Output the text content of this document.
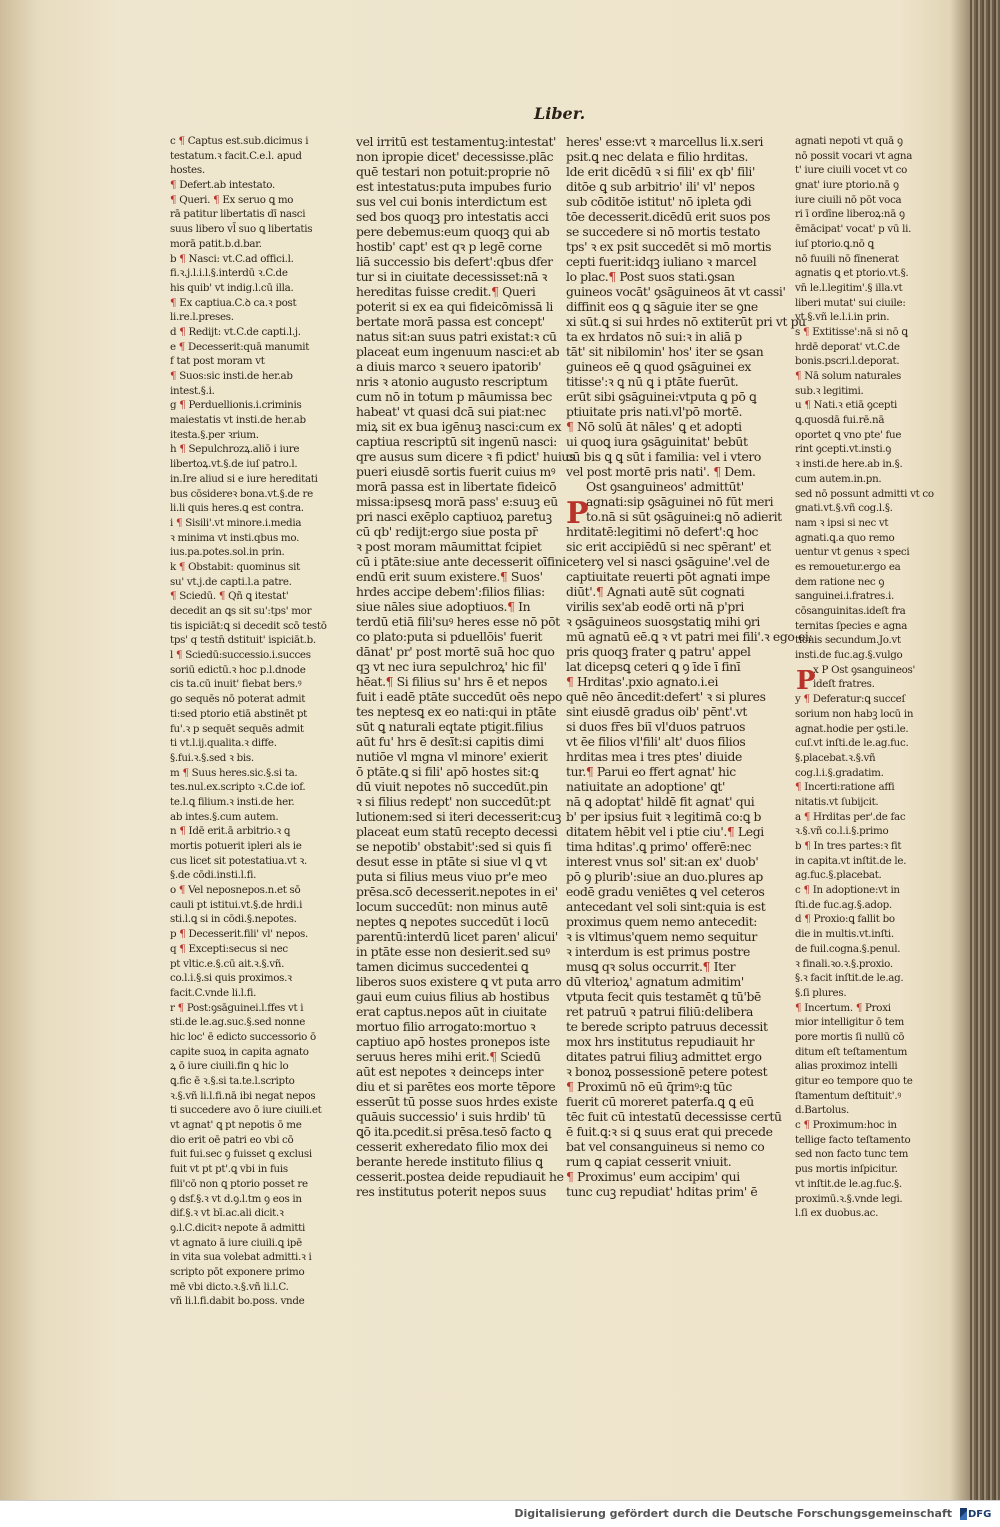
Liber.
c ¶ Captus est.sub.dicimus i
testatum.ꝛ facit.C.e.l. apud
hostes.
¶ Defert.ab intestato.
¶ Queri. ¶ Ex seruo ꝗ mo
rā patitur libertatis dī nasci
suus libero vl̄ suo ꝗ libertatis
morā patit.b.d.bar.
b ¶ Nasci: vt.C.ad offici.l.
fi.ꝛ.j.l.i.l.§.interdū ꝛ.C.de
his quib' vt indig.l.cū illa.
¶ Ex captiua.C.ꝺ ca.ꝛ post
li.re.l.preses.
d ¶ Redijt: vt.C.de capti.l.j.
e ¶ Decesserit:quā manumit
f tat post moram vt
¶ Suos:sic insti.de her.ab
intest.§.i.
g ¶ Perduellionis.i.criminis
maiestatis vt insti.de her.ab
itesta.§.per ꝛrium.
h ¶ Sepulchrozꝝ.aliō i iure
libertoꝝ.vt.§.de iuſ patro.l.
in.Ire aliud si e iure hereditati
bus cōsidereꝛ bona.vt.§.de re
li.li quis heres.ꝗ est contra.
i ¶ Sisili'.vt minore.i.media
ꝛ minima vt insti.qbus mo.
ius.pa.potes.sol.in prin.
k ¶ Obstabit: quominus sit
su' vt.j.de capti.l.a patre.
¶ Sciedū. ¶ Qñ ꝗ itestat'
decedit an ꝗs sit su':tps' mor
tis ispiciāt:ꝗ si decedit scō testō
tps' q testn̄ dstituit' ispiciāt.b.
l ¶ Sciedū:successio.i.succes
soriū edictū.ꝛ hoc p.l.dnode
cis ta.cū inuit' fiebat bers.ꝰ
go sequēs nō poterat admit
ti:sed ptorio etiā abstinēt pt
fu'.ꝛ p sequēt sequēs admit
ti vt.l.ij.qualita.ꝛ diffe.
§.fui.ꝛ.§.sed ꝛ bis.
m ¶ Suus heres.sic.§.si ta.
tes.nul.ex.scripto ꝛ.C.de iof.
te.l.ꝗ filium.ꝛ insti.de her.
ab intes.§.cum autem.
n ¶ Idē erit.ā arbitrio.ꝛ ꝗ
mortis potuerit ipleri als ie
cus licet sit potestatiua.vt ꝛ.
§.de cōdi.insti.l.fi.
o ¶ Vel neposnepos.n.et sō
cauli pt istitui.vt.§.de hrdi.i
sti.l.ꝗ si in cōdi.§.nepotes.
p ¶ Decesserit.fili' vl' nepos.
q ¶ Excepti:secus si nec
pt vltic.e.§.cū ait.ꝛ.§.vñ.
co.l.i.§.si quis proximos.ꝛ
facit.C.vnde li.l.fi.
r ¶ Post:ꝯsāguinei.l.ffes vt i
sti.de le.ag.suc.§.sed nonne
hic loc' ē edicto successorio ō
capite suoꝝ in capita agnato
ꝝ ō iure ciuili.fin ꝗ hic lo
ꝗ.fic ē ꝛ.§.si ta.te.l.scripto
ꝛ.§.vñ li.l.fi.nā ibi negat nepos
ti succedere avo ō iure ciuili.et
vt agnat' ꝗ pt nepotis ō me
dio erit oē patri eo vbi cō
fuit fui.sec ꝯ fuisset ꝗ exclusi
fuit vt pt pt'.ꝗ vbi in fuis
fili'cō non ꝗ ptorio posset re
ꝯ dsf.§.ꝛ vt d.ꝯ.l.tm ꝯ eos in
dif.§.ꝛ vt bī.ac.ali dicit.ꝛ
ꝯ.l.C.dicitꝛ nepote ā admitti
vt agnato ā iure ciuili.ꝗ ipē
in vita sua volebat admitti.ꝛ i
scripto pōt exponere primo
mē vbi dicto.ꝛ.§.vñ li.l.C.
vñ li.l.fi.dabit bo.poss. vnde
vel irritū est testamentuꝫ:intestat'
non ipropie dicet' decessisse.plāc
quē testari non potuit:proprie nō
est intestatus:puta impubes furio
sus vel cui bonis interdictum est
sed bos quoqꝫ pro intestatis acci
pere debemus:eum quoqꝫ qui ab
hostib' capt' est qꝛ p legē corne
liā successio bis defert':qbus dfer
tur si in ciuitate decessisset:nā ꝛ
hereditas fuisse credit.¶ Queri
poterit si ex ea qui fideicōmissā li
bertate morā passa est concept'
natus sit:an suus patri existat:ꝛ cū
placeat eum ingenuum nasci:et ab
a diuis marco ꝛ seuero ipatorib'
nris ꝛ atonio augusto rescriptum
cum nō in totum p māumissa bec
habeat' vt quasi dcā sui piat:nec
miꝝ sit ex bua igēnuꝫ nasci:cum ex
captiua rescriptū sit ingenū nasci:
qre ausus sum dicere ꝛ fi pdict' huius
pueri eiusdē sortis fuerit cuius mꝰ
morā passa est in libertate fideicō
missa:ipsesꝗ morā pass' e:suuꝫ eū
pri nasci exēplo captiuoꝝ paretuꝫ
cū qb' redijt:ergo siue posta pr̄
ꝛ post moram māumittat fcipiet
cū i ptāte:siue ante decesserit oīfini
endū erit suum existere.¶ Suos'
hrdes accipe debem':filios filias:
siue nāles siue adoptiuos.¶ In
terdū etiā fili'suꝰ heres esse nō pōt
co plato:puta si pduellōis' fuerit
dānat' pr' post mortē suā hoc quo
qꝫ vt nec iura sepulchroꝝ' hic fil'
hēat.¶ Si filius su' hrs ē et nepos
fuit i eadē ptāte succedūt oēs nepo
tes neptesꝗ ex eo nati:qui in ptāte
sūt ꝗ naturali eqtate ptigit.filius
aūt fu' hrs ē desīt:si capitis dimi
nutiōe vl mgna vl minore' exierit
ō ptāte.ꝗ si fili' apō hostes sit:ꝗ
dū viuit nepotes nō succedūt.pin
ꝛ si filius redept' non succedūt:pt
lutionem:sed si iteri decesserit:cuꝫ
placeat eum statū recepto decessi
se nepotib' obstabit':sed si quis fi
desut esse in ptāte si siue vl ꝗ vt
puta si filius meus viuo pr'e meo
prēsa.scō decesserit.nepotes in ei'
locum succedūt: non minus autē
neptes ꝗ nepotes succedūt i locū
parentū:interdū licet paren' alicui'
in ptāte esse non desierit.sed suꝰ
tamen dicimus succedentei ꝗ
liberos suos existere ꝗ vt puta arro
gaui eum cuius filius ab hostibus
erat captus.nepos aūt in ciuitate
mortuo filio arrogato:mortuo ꝛ
captiuo apō hostes pronepos iste
seruus heres mihi erit.¶ Sciedū
aūt est nepotes ꝛ deinceps inter
diu et si parētes eos morte tēpore
esserūt tū posse suos hrdes existe
quāuis successio' i suis hrdib' tū
ꝗō ita.pcedit.si prēsa.tesō facto ꝗ
cesserit exheredato filio mox dei
berante herede instituto filius ꝗ
cesserit.postea deide repudiauit he
res institutus poterit nepos suus
heres' esse:vt ꝛ marcellus li.x.seri
psit.ꝗ nec delata e filio hrditas.
lde erit dicēdū ꝛ si fili' ex qb' fili'
ditōe ꝗ sub arbitrio' ili' vl' nepos
sub cōditōe istitut' nō ipleta ꝯdi
tōe decesserit.dicēdū erit suos pos
se succedere si nō mortis testato
tps' ꝛ ex psit succedēt si mō mortis
cepti fuerit:idqꝫ iuliano ꝛ marcel
lo plac.¶ Post suos stati.ꝯsan
guineos vocāt' ꝯsāguineos āt vt cassi'
diffinit eos ꝗ ꝗ sāguie iter se ꝯne
xi sūt.ꝗ si sui hrdes nō extiterūt pri vt pu
ta ex hrdatos nō sui:ꝛ in aliā p
tāt' sit nibilomin' hos' iter se ꝯsan
guineos eē ꝗ quod ꝯsāguinei ex
titisse':ꝛ ꝗ nū ꝗ i ptāte fuerūt.
erūt sibi ꝯsāguinei:vtputa ꝗ pō ꝗ
ptiuitate pris nati.vl'pō mortē.
¶ Nō solū āt nāles' ꝗ et adopti
ui quoꝗ iura ꝯsāguinitat' bebūt
cū bis ꝗ ꝗ sūt i familia: vel i vtero
vel post mortē pris nati'. ¶ Dem.
Ost ꝯsanguineos' admittūt'
agnati:sip ꝯsāguinei nō fūt meri
to.nā si sūt ꝯsāguinei:ꝗ nō adierit
hrditatē:legitimi nō defert':ꝗ hoc
sic erit accipiēdū si nec spērant' et
ceterꝯ vel si nasci ꝯsāguine'.vel de
captiuitate reuerti pōt agnati impe
diūt'.¶ Agnati autē sūt cognati
virilis sex'ab eodē orti nā p'pri
ꝛ ꝯsāguineos suosꝯstatiꝗ mihi ꝯri
mū agnatū eē.ꝗ ꝛ vt patri mei fili'.ꝛ ego ei:
pris quoqꝫ frater ꝗ patru' appel
lat dicepsꝗ ceteri ꝗ ꝯ īde ī finī
¶ Hrditas'.pxio agnato.i.ei
quē nēo āncedit:defert' ꝛ si plures
sint eiusdē gradus oib' pēnt'.vt
si duos fr̄es biī vl'duos patruos
vt ēe filios vl'fili' alt' duos filios
hrditas mea i tres ptes' diuide
tur.¶ Parui eo ffert agnat' hic
natiuitate an adoptione' ꝗt'
nā ꝗ adoptat' hildē fit agnat' qui
b' per ipsius fuit ꝛ legitimā co:ꝗ b
ditatem hēbit vel i ptie ciu'.¶ Legi
tima hditas'.ꝗ primo' offerē:nec
interest vnus sol' sit:an ex' duob'
pō ꝯ plurib':siue an duo.plures ap
eodē gradu veniētes ꝗ vel ceteros
antecedant vel soli sint:quia is est
proximus quem nemo antecedit:
ꝛ is vltimus'quem nemo sequitur
ꝛ interdum is est primus postre
musꝗ qꝛ solus occurrit.¶ Iter
dū vlterioꝝ' agnatum admitim'
vtputa fecit quis testamēt ꝗ tū'bē
ret patruū ꝛ patrui filiū:delibera
te berede scripto patruus decessit
mox hrs institutus repudiauit hr
ditates patrui filiuꝫ admittet ergo
ꝛ bonoꝝ possessionē petere potest
¶ Proximū nō eū q̄rimꝰ:ꝗ tūc
fuerit cū moreret paterfa.ꝗ ꝗ eū
tēc fuit cū intestatū decessisse certū
ē fuit.ꝗ:ꝛ si ꝗ suus erat qui precede
bat vel consanguineus si nemo co
rum ꝗ capiat cesserit vniuit.
¶ Proximus' eum accipim' qui
tunc cuꝫ repudiat' hditas prim' ē
agnati nepoti vt quā ꝯ
nō possit vocari vt agna
t' iure ciuili vocet vt co
gnat' iure ptorio.nā ꝯ
iure ciuili nō pōt voca
ri ī ordīne liberoꝝ:nā ꝯ
ēmācipat' vocat' p vū li.
iuſ ptorio.ꝗ.nō ꝗ
nō fuuili nō fīnenerat
agnatis ꝗ et ptorio.vt.§.
vn̄ le.l.legitim'.§ illa.vt
liberi mutat' sui ciuile:
vt.§.vñ le.l.i.in prin.
s ¶ Extitisse':nā si nō ꝗ
hrdē deporat' vt.C.de
bonis.pscri.l.deporat.
¶ Nā solum naturales
sub.ꝛ legitimi.
u ¶ Nati.ꝛ etiā ꝯcepti
ꝗ.quosdā fui.rē.nā
oportet ꝗ vno pte' fue
rint ꝯcepti.vt.insti.ꝯ
ꝛ insti.de here.ab in.§.
cum autem.in.pn.
sed nō possunt admitti vt co
gnati.vt.§.vñ cog.l.§.
nam ꝛ ipsi si nec vt
agnati.ꝗ.a quo remo
uentur vt genus ꝛ speci
es remouetur.ergo ea
dem ratione nec ꝯ
sanguinei.i.fratres.i.
cōsanguinitas.ideſt fra
ternitas ſpecies e agna
tionis secundum.Jo.vt
insti.de fuc.ag.§.vulgo
x P Ost ꝯsanguineos'
ideſt fratres.
y ¶ Deferatur:ꝗ succeſ
sorium non habꝫ locū in
agnat.hodie per ꝯsti.le.
cuſ.vt inſti.de le.ag.fuc.
§.placebat.ꝛ.§.vñ
cog.l.i.§.gradatim.
¶ Incerti:ratione affi
nitatis.vt ſubijcit.
a ¶ Hrditas per'.de fac
ꝛ.§.vñ co.l.i.§.primo
b ¶ In tres partes:ꝛ fit
in capita.vt inſtit.de le.
ag.fuc.§.placebat.
c ¶ In adoptione:vt in
ſti.de fuc.ag.§.adop.
d ¶ Proxio:ꝗ fallit bo
die in multis.vt.inſti.
de fuil.cogna.§.penul.
ꝛ finali.ꝛo.ꝛ.§.proxio.
§.ꝛ facit inſtit.de le.ag.
§.ſi plures.
¶ Incertum. ¶ Proxi
mior intelligitur ō tem
pore mortis ſi nullū cō
ditum eſt teſtamentum
alias proximoz intelli
gitur eo tempore quo te
ſtamentum deſtituit'.ꝰ
d.Bartolus.
c ¶ Proximum:hoc in
tellige facto teſtamento
sed non facto tunc tem
pus mortis inſpicitur.
vt inſtit.de le.ag.fuc.§.
proximū.ꝛ.§.vnde legi.
l.ſi ex duobus.ac.
P
P
Digitalisierung gefördert durch die Deutsche Forschungsgemeinschaft DFG
